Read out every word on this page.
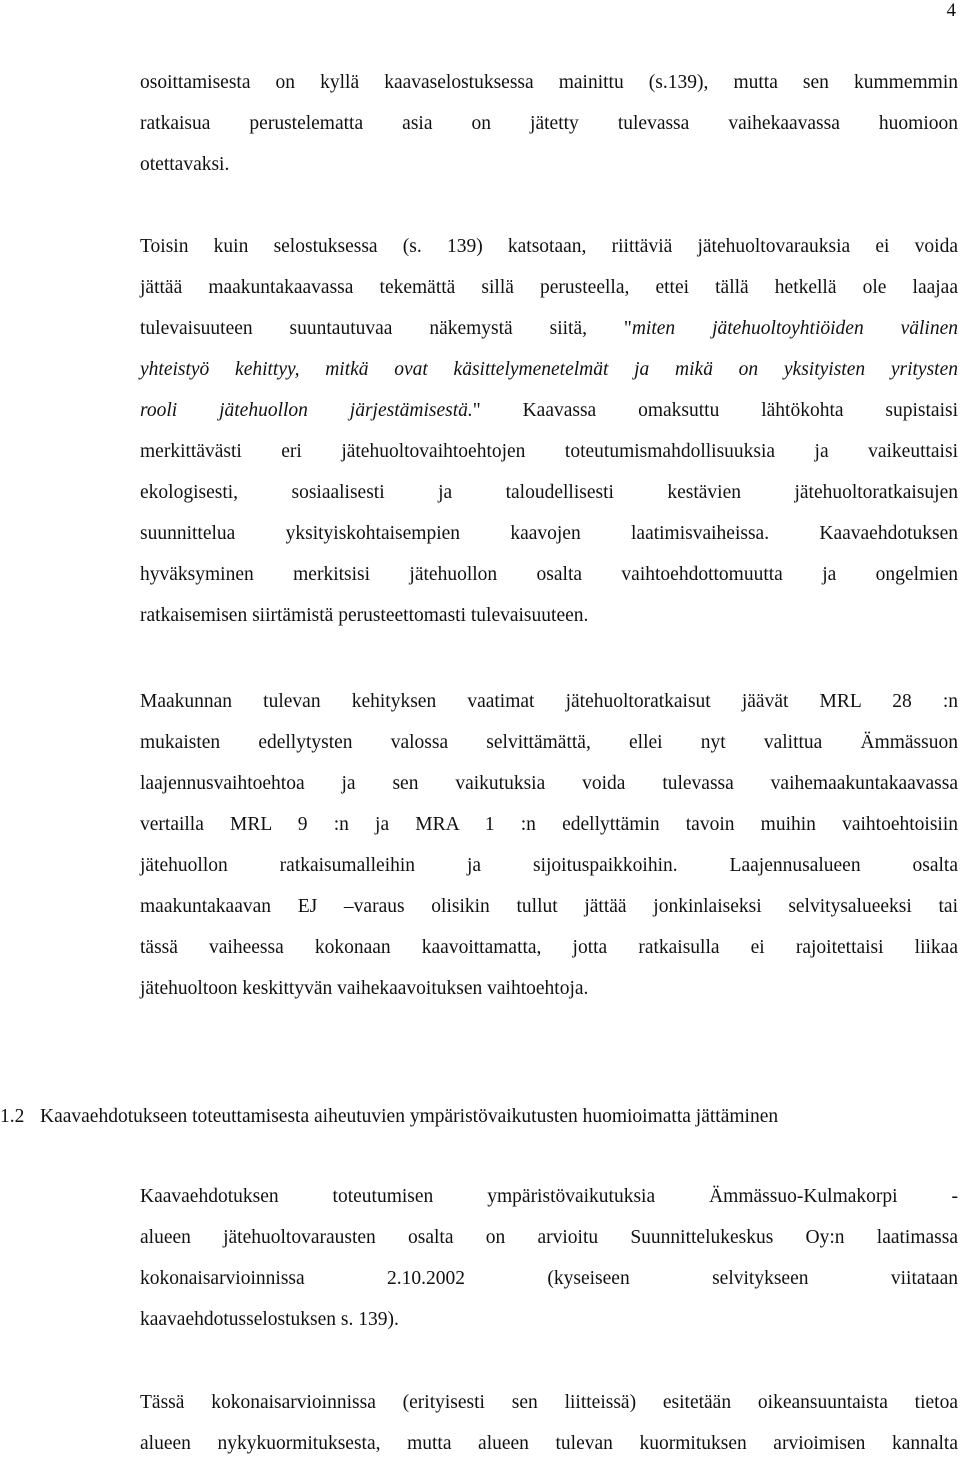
4
osoittamisesta on kyllä kaavaselostuksessa mainittu (s.139), mutta sen kummemmin
ratkaisua perustelematta asia on jätetty tulevassa vaihekaavassa huomioon
otettavaksi.
Toisin kuin selostuksessa (s. 139) katsotaan, riittäviä jätehuoltovarauksia ei voida
jättää maakuntakaavassa tekemättä sillä perusteella, ettei tällä hetkellä ole laajaa
tulevaisuuteen suuntautuvaa näkemystä siitä, "miten jätehuoltoyhtiöiden välinen
yhteistyö kehittyy, mitkä ovat käsittelymenetelmät ja mikä on yksityisten yritysten
rooli jätehuollon järjestämisestä." Kaavassa omaksuttu lähtökohta supistaisi
merkittävästi eri jätehuoltovaihtoehtojen toteutumismahdollisuuksia ja vaikeuttaisi
ekologisesti, sosiaalisesti ja taloudellisesti kestävien jätehuoltoratkaisujen
suunnittelua yksityiskohtaisempien kaavojen laatimisvaiheissa. Kaavaehdotuksen
hyväksyminen merkitsisi jätehuollon osalta vaihtoehdottomuutta ja ongelmien
ratkaisemisen siirtämistä perusteettomasti tulevaisuuteen.
Maakunnan tulevan kehityksen vaatimat jätehuoltoratkaisut jäävät MRL 28 :n
mukaisten edellytysten valossa selvittämättä, ellei nyt valittua Ämmässuon
laajennusvaihtoehtoa ja sen vaikutuksia voida tulevassa vaihemaakuntakaavassa
vertailla MRL 9 :n ja MRA 1 :n edellyttämin tavoin muihin vaihtoehtoisiin
jätehuollon ratkaisumalleihin ja sijoituspaikkoihin. Laajennusalueen osalta
maakuntakaavan EJ –varaus olisikin tullut jättää jonkinlaiseksi selvitysalueeksi tai
tässä vaiheessa kokonaan kaavoittamatta, jotta ratkaisulla ei rajoitettaisi liikaa
jätehuoltoon keskittyvän vaihekaavoituksen vaihtoehtoja.
1.2 Kaavaehdotukseen toteuttamisesta aiheutuvien ympäristövaikutusten huomioimatta jättäminen
Kaavaehdotuksen toteutumisen ympäristövaikutuksia Ämmässuo-Kulmakorpi -
alueen jätehuoltovarausten osalta on arvioitu Suunnittelukeskus Oy:n laatimassa
kokonaisarvioinnissa 2.10.2002 (kyseiseen selvitykseen viitataan
kaavaehdotusselostuksen s. 139).
Tässä kokonaisarvioinnissa (erityisesti sen liitteissä) esitetään oikeansuuntaista tietoa
alueen nykykuormituksesta, mutta alueen tulevan kuormituksen arvioimisen kannalta
